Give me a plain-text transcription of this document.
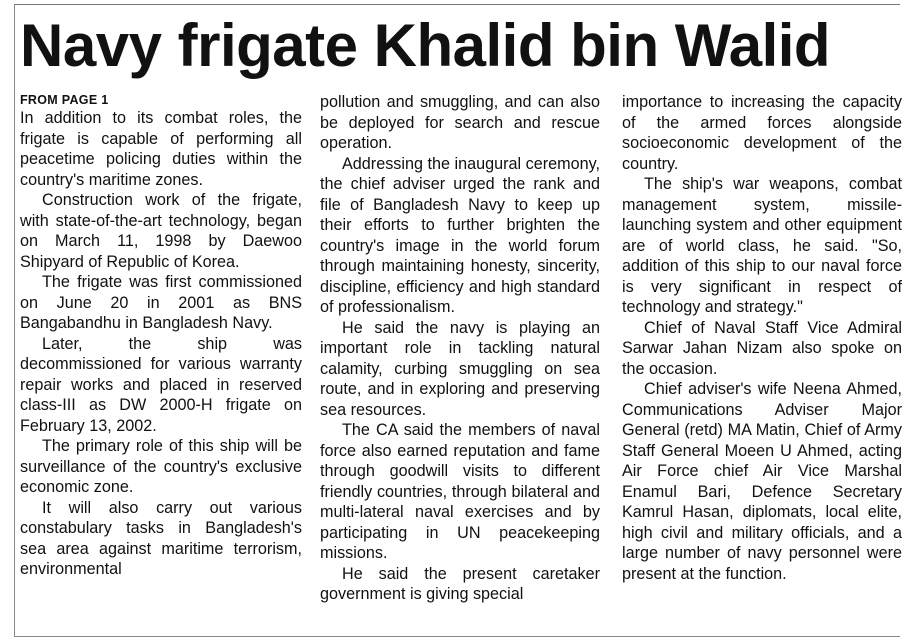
Navy frigate Khalid bin Walid
FROM PAGE 1

In addition to its combat roles, the frigate is capable of performing all peacetime policing duties within the country's maritime zones.

Construction work of the frigate, with state-of-the-art technology, began on March 11, 1998 by Daewoo Shipyard of Republic of Korea.

The frigate was first commissioned on June 20 in 2001 as BNS Bangabandhu in Bangladesh Navy.

Later, the ship was decommissioned for various warranty repair works and placed in reserved class-III as DW 2000-H frigate on February 13, 2002.

The primary role of this ship will be surveillance of the country's exclusive economic zone.

It will also carry out various constabulary tasks in Bangladesh's sea area against maritime terrorism, environmental

pollution and smuggling, and can also be deployed for search and rescue operation.

Addressing the inaugural ceremony, the chief adviser urged the rank and file of Bangladesh Navy to keep up their efforts to further brighten the country's image in the world forum through maintaining honesty, sincerity, discipline, efficiency and high standard of professionalism.

He said the navy is playing an important role in tackling natural calamity, curbing smuggling on sea route, and in exploring and preserving sea resources.

The CA said the members of naval force also earned reputation and fame through goodwill visits to different friendly countries, through bilateral and multi-lateral naval exercises and by participating in UN peacekeeping missions.

He said the present caretaker government is giving special

importance to increasing the capacity of the armed forces alongside socioeconomic development of the country.

The ship's war weapons, combat management system, missile-launching system and other equipment are of world class, he said. "So, addition of this ship to our naval force is very significant in respect of technology and strategy."

Chief of Naval Staff Vice Admiral Sarwar Jahan Nizam also spoke on the occasion.

Chief adviser's wife Neena Ahmed, Communications Adviser Major General (retd) MA Matin, Chief of Army Staff General Moeen U Ahmed, acting Air Force chief Air Vice Marshal Enamul Bari, Defence Secretary Kamrul Hasan, diplomats, local elite, high civil and military officials, and a large number of navy personnel were present at the function.
